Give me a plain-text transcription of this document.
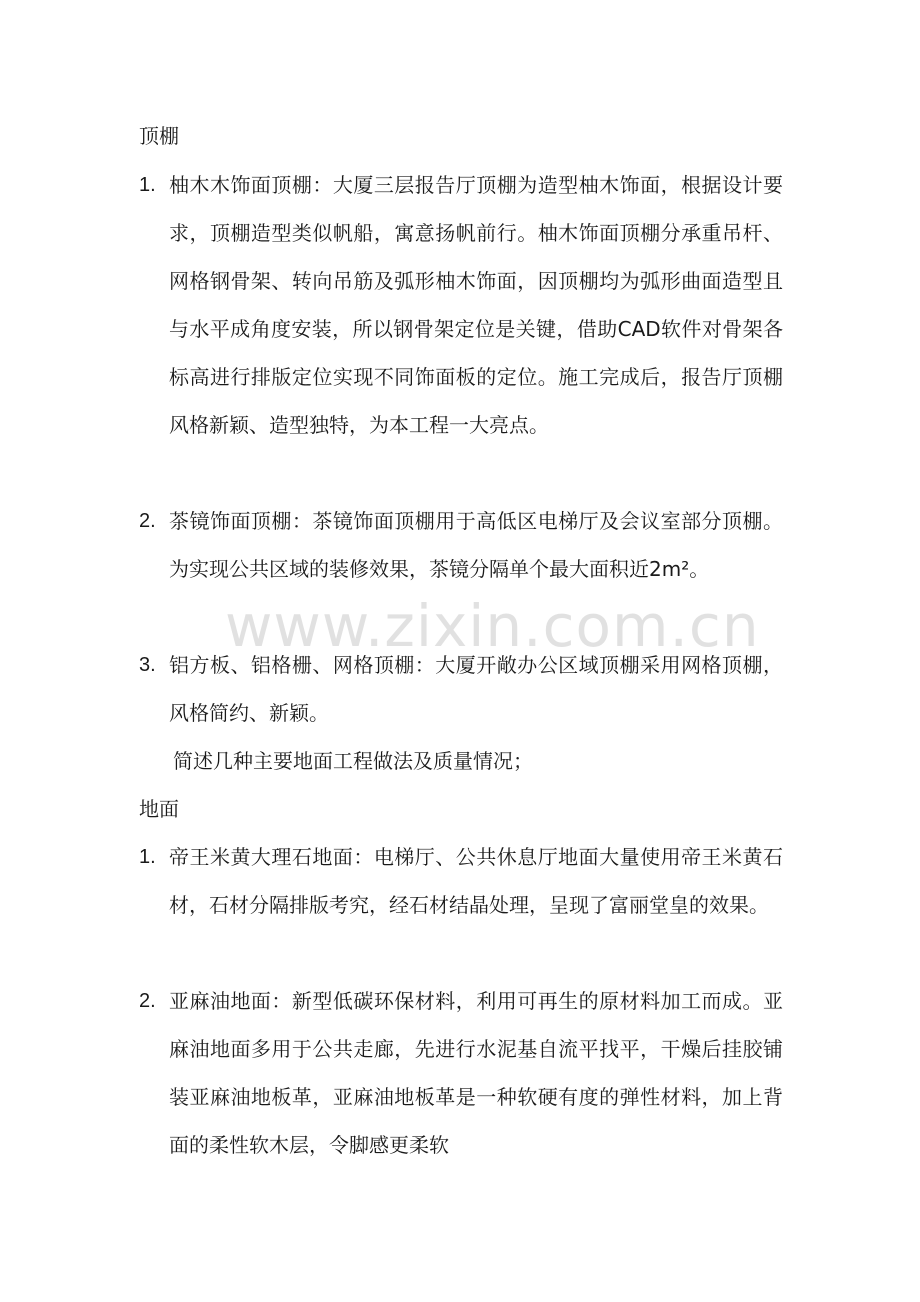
顶棚
1. 柚木木饰面顶棚：大厦三层报告厅顶棚为造型柚木饰面，根据设计要求，顶棚造型类似帆船，寓意扬帆前行。柚木饰面顶棚分承重吊杆、网格钢骨架、转向吊筋及弧形柚木饰面，因顶棚均为弧形曲面造型且与水平成角度安装，所以钢骨架定位是关键，借助CAD软件对骨架各标高进行排版定位实现不同饰面板的定位。施工完成后，报告厅顶棚风格新颖、造型独特，为本工程一大亮点。
2. 茶镜饰面顶棚：茶镜饰面顶棚用于高低区电梯厅及会议室部分顶棚。为实现公共区域的装修效果，茶镜分隔单个最大面积近2m²。
3. 铝方板、铝格栅、网格顶棚：大厦开敞办公区域顶棚采用网格顶棚，风格简约、新颖。
简述几种主要地面工程做法及质量情况；
地面
1. 帝王米黄大理石地面：电梯厅、公共休息厅地面大量使用帝王米黄石材，石材分隔排版考究，经石材结晶处理，呈现了富丽堂皇的效果。
2. 亚麻油地面：新型低碳环保材料，利用可再生的原材料加工而成。亚麻油地面多用于公共走廊，先进行水泥基自流平找平，干燥后挂胶铺装亚麻油地板革，亚麻油地板革是一种软硬有度的弹性材料，加上背面的柔性软木层，令脚感更柔软
www.zixin.com.cn
